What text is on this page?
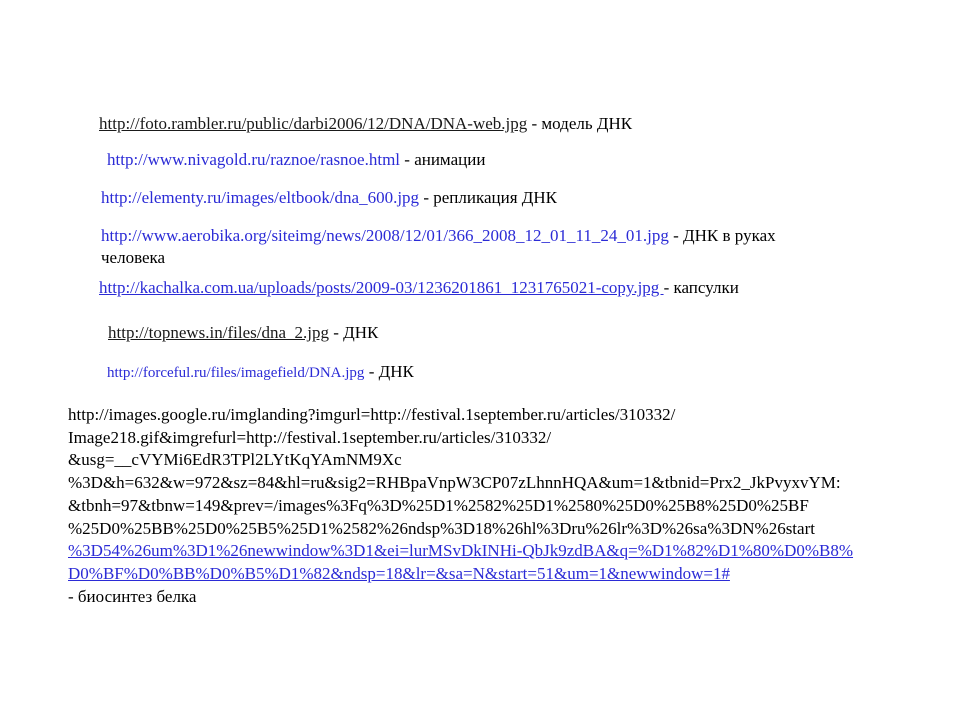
http://foto.rambler.ru/public/darbi2006/12/DNA/DNA-web.jpg - модель ДНК
http://www.nivagold.ru/raznoe/rasnoe.html - анимации
http://elementy.ru/images/eltbook/dna_600.jpg - репликация ДНК
http://www.aerobika.org/siteimg/news/2008/12/01/366_2008_12_01_11_24_01.jpg - ДНК в руках
человека
http://kachalka.com.ua/uploads/posts/2009-03/1236201861_1231765021-copy.jpg - капсулки
http://topnews.in/files/dna_2.jpg - ДНК
http://forceful.ru/files/imagefield/DNA.jpg - ДНК
http://images.google.ru/imglanding?imgurl=http://festival.1september.ru/articles/310332/
Image218.gif&imgrefurl=http://festival.1september.ru/articles/310332/
&usg=__cVYMi6EdR3TPl2LYtKqYAmNM9Xc
%3D&h=632&w=972&sz=84&hl=ru&sig2=RHBpaVnpW3CP07zLhnnHQA&um=1&tbnid=Prx2_JkPvyxvYM:
&tbnh=97&tbnw=149&prev=/images%3Fq%3D%25D1%2582%25D1%2580%25D0%25B8%25D0%25BF
%25D0%25BB%25D0%25B5%25D1%2582%26ndsp%3D18%26hl%3Dru%26lr%3D%26sa%3DN%26start
%3D54%26um%3D1%26newwindow%3D1&ei=lurMSvDkINHi-QbJk9zdBA&q=%D1%82%D1%80%D0%B8%
D0%BF%D0%BB%D0%B5%D1%82&ndsp=18&lr=&sa=N&start=51&um=1&newwindow=1#
- биосинтез белка
